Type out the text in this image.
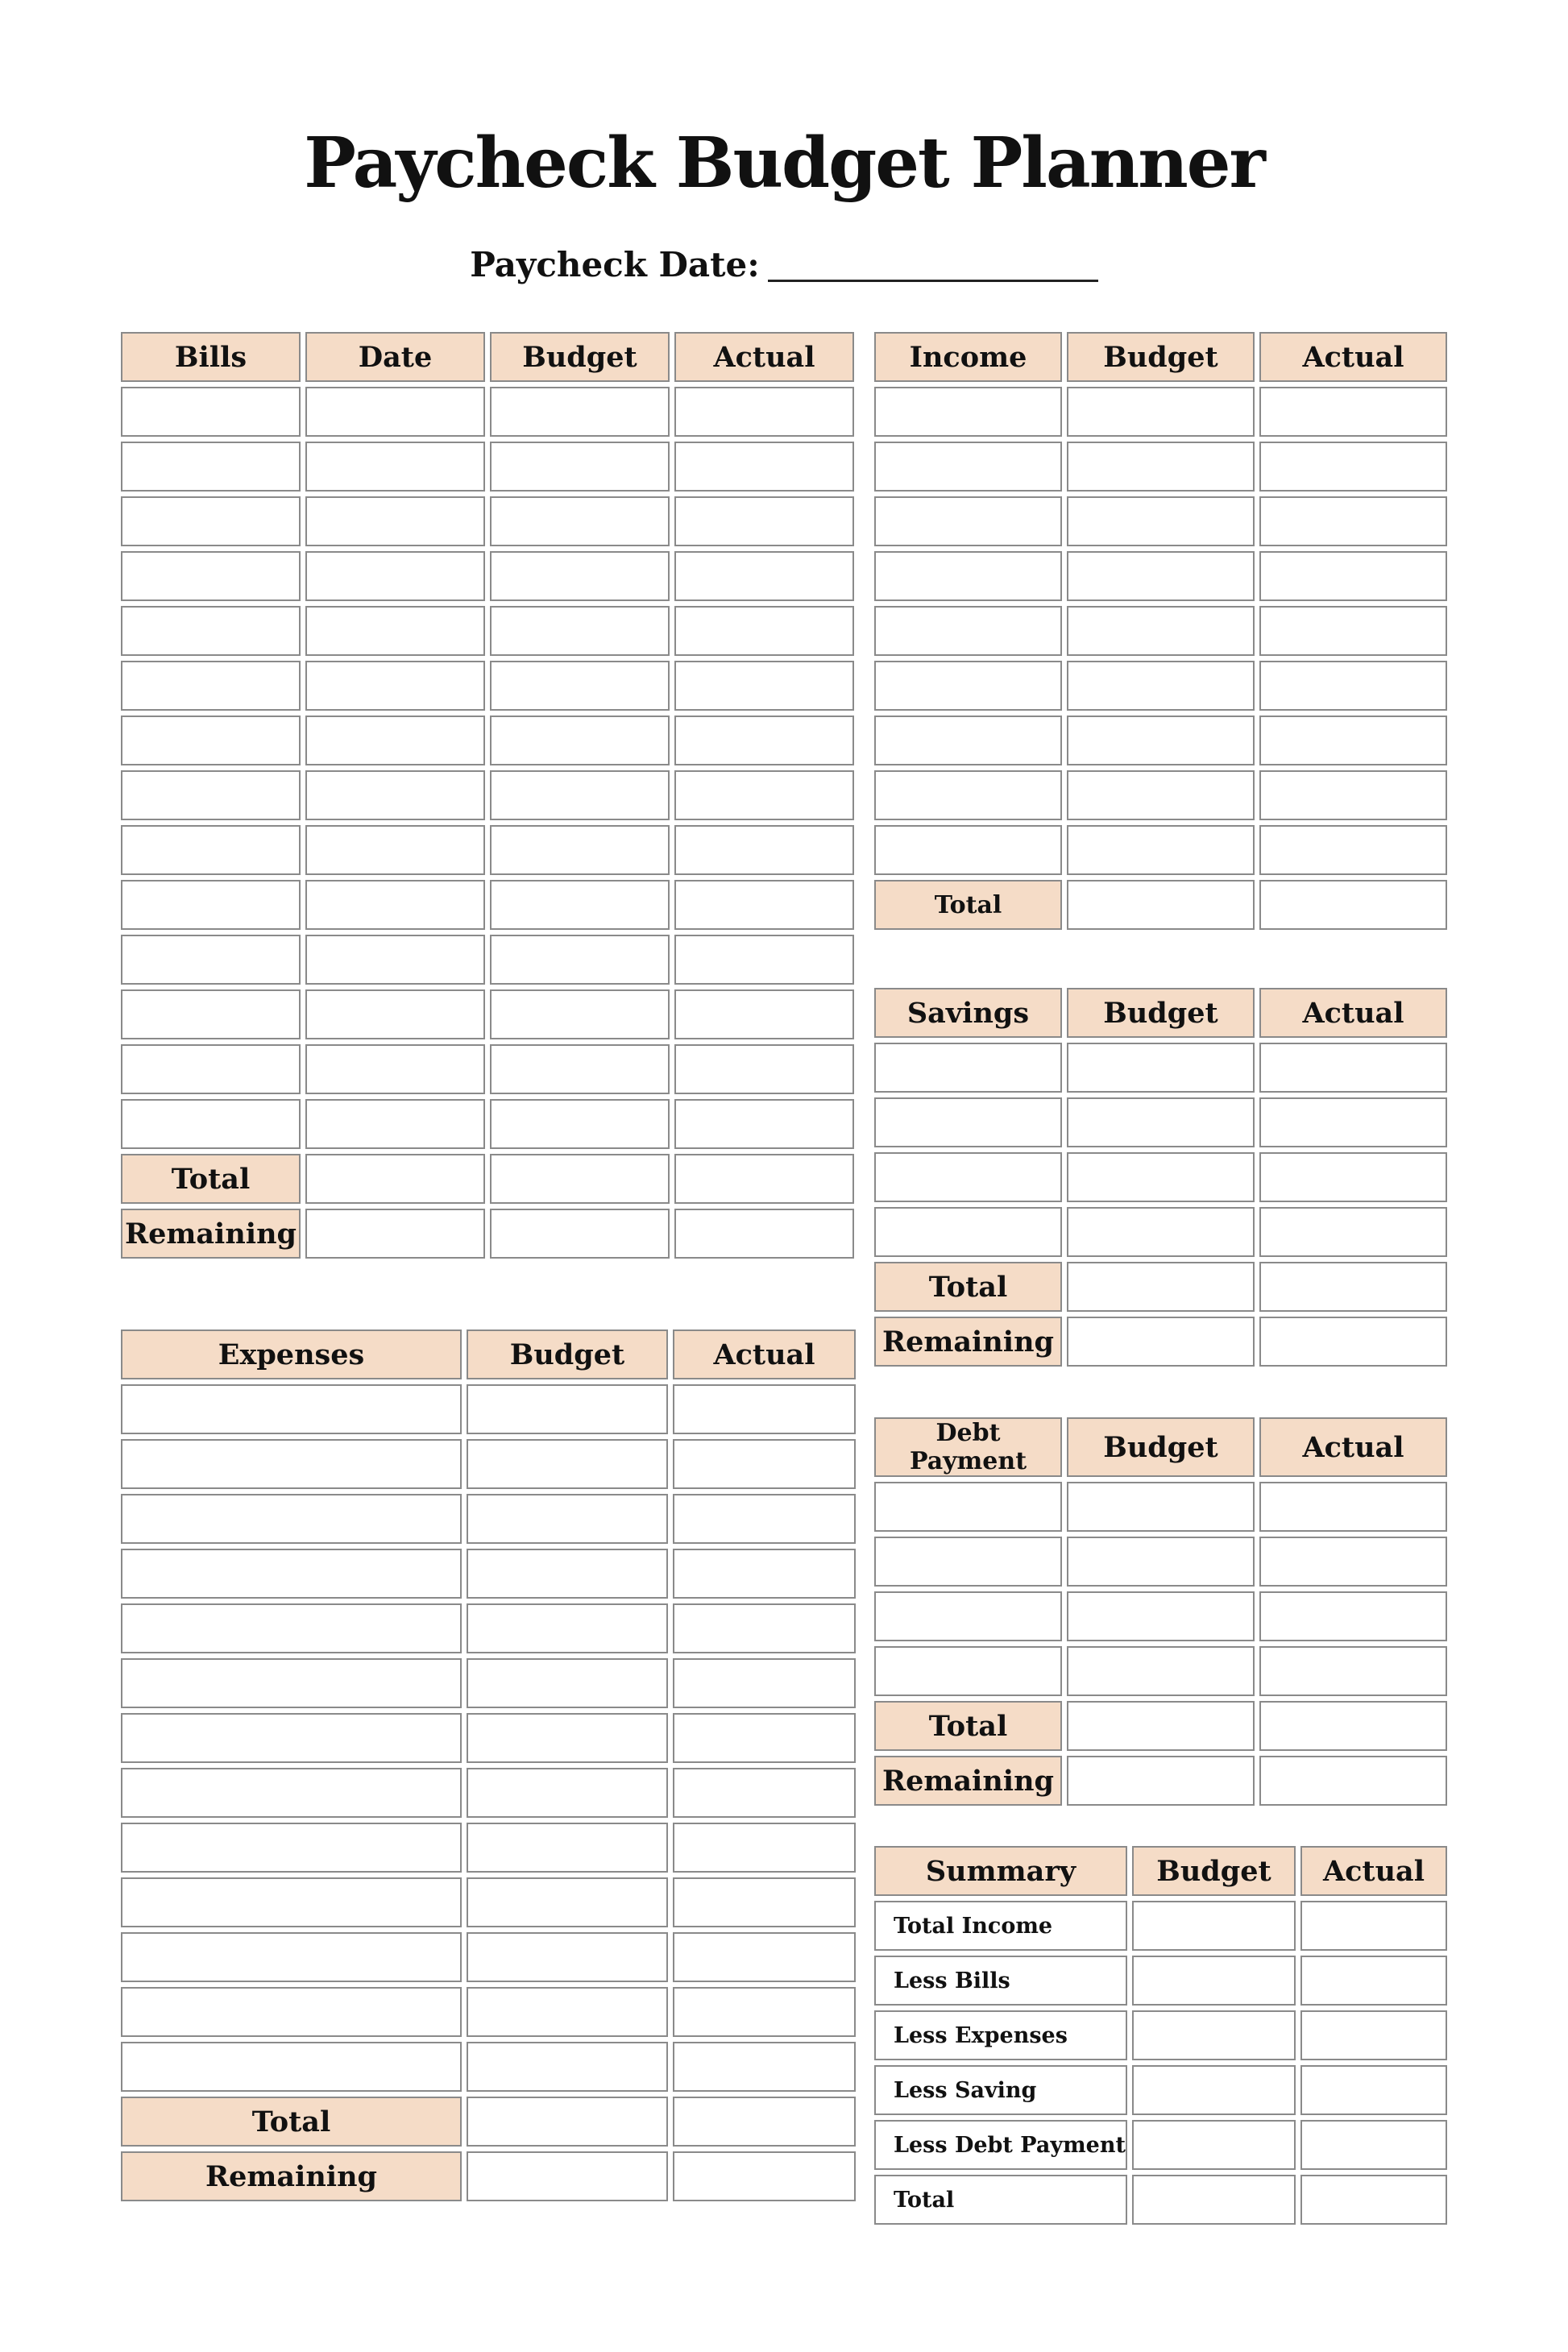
Paycheck Budget Planner
Paycheck Date:
Bills	Date	Budget	Actual

Total			
Remaining			
Expenses	Budget	Actual

Total		
Remaining		
Income	Budget	Actual

Total		
Savings	Budget	Actual

Total		
Remaining		
Debt Payment	Budget	Actual

Total		
Remaining		
Summary	Budget	Actual
Total Income		
Less Bills		
Less Expenses		
Less Saving		
Less Debt Payment		
Total		
